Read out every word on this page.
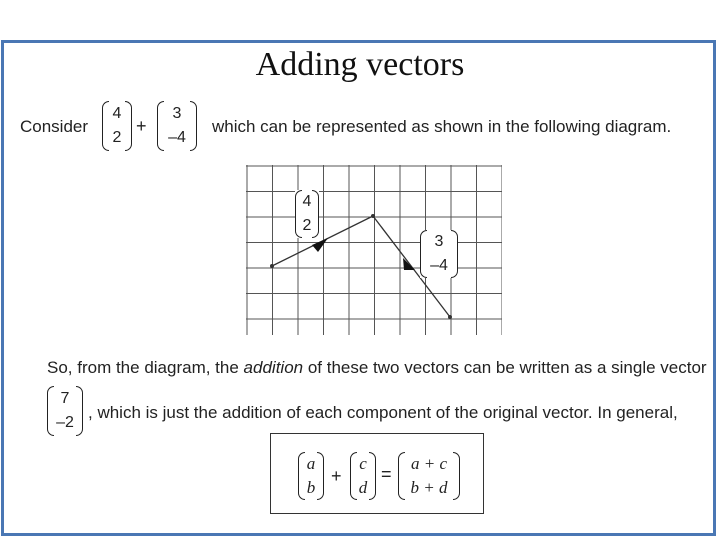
Adding vectors
Consider
4
2
+
3
–4
which can be represented as shown in the following diagram.
4
2
3
–4
So, from the diagram, the addition of these two vectors can be written as a single vector
7
–2
, which is just the addition of each component of the original vector. In general,
a
b
+
c
d
=
a + c
b + d
